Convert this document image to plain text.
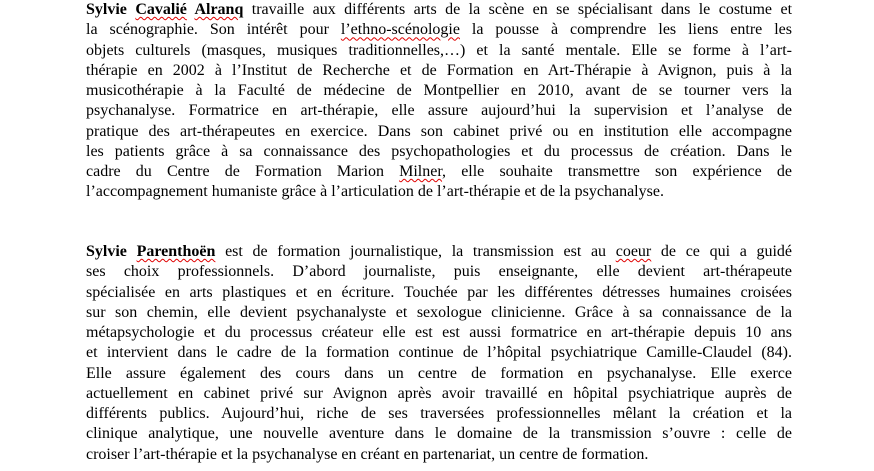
Sylvie Cavalié Alranq travaille aux différents arts de la scène en se spécialisant dans le costume et
la scénographie. Son intérêt pour l’ethno-scénologie la pousse à comprendre les liens entre les
objets culturels (masques, musiques traditionnelles,…) et la santé mentale. Elle se forme à l’art-
thérapie en 2002 à l’Institut de Recherche et de Formation en Art-Thérapie à Avignon, puis à la
musicothérapie à la Faculté de médecine de Montpellier en 2010, avant de se tourner vers la
psychanalyse. Formatrice en art-thérapie, elle assure aujourd’hui la supervision et l’analyse de
pratique des art-thérapeutes en exercice. Dans son cabinet privé ou en institution elle accompagne
les patients grâce à sa connaissance des psychopathologies et du processus de création. Dans le
cadre du Centre de Formation Marion Milner, elle souhaite transmettre son expérience de
l’accompagnement humaniste grâce à l’articulation de l’art-thérapie et de la psychanalyse.
Sylvie Parenthoën est de formation journalistique, la transmission est au coeur de ce qui a guidé
ses choix professionnels. D’abord journaliste, puis enseignante, elle devient art-thérapeute
spécialisée en arts plastiques et en écriture. Touchée par les différentes détresses humaines croisées
sur son chemin, elle devient psychanalyste et sexologue clinicienne. Grâce à sa connaissance de la
métapsychologie et du processus créateur elle est est aussi formatrice en art-thérapie depuis 10 ans
et intervient dans le cadre de la formation continue de l’hôpital psychiatrique Camille-Claudel (84).
Elle assure également des cours dans un centre de formation en psychanalyse. Elle exerce
actuellement en cabinet privé sur Avignon après avoir travaillé en hôpital psychiatrique auprès de
différents publics. Aujourd’hui, riche de ses traversées professionnelles mêlant la création et la
clinique analytique, une nouvelle aventure dans le domaine de la transmission s’ouvre : celle de
croiser l’art-thérapie et la psychanalyse en créant en partenariat, un centre de formation.
